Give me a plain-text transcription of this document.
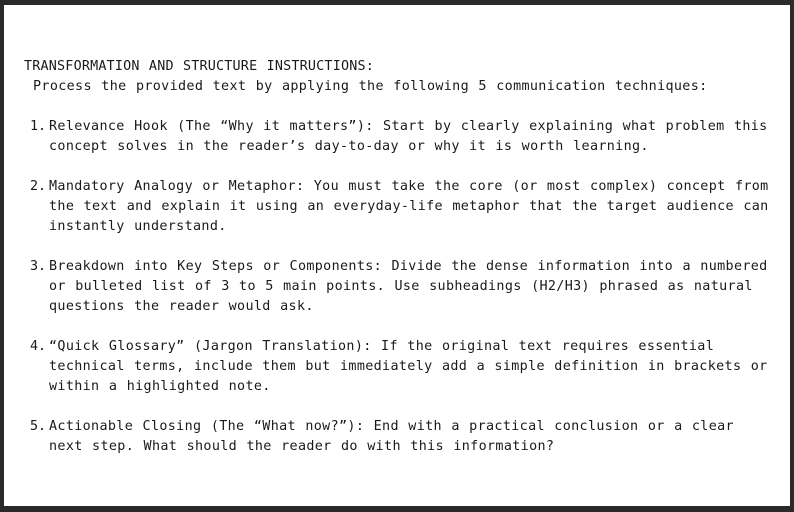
TRANSFORMATION AND STRUCTURE INSTRUCTIONS:

Process the provided text by applying the following 5 communication techniques:

1. Relevance Hook (The “Why it matters”): Start by clearly explaining what problem this concept solves in the reader’s day-to-day or why it is worth learning.
2. Mandatory Analogy or Metaphor: You must take the core (or most complex) concept from the text and explain it using an everyday-life metaphor that the target audience can instantly understand.
3. Breakdown into Key Steps or Components: Divide the dense information into a numbered or bulleted list of 3 to 5 main points. Use subheadings (H2/H3) phrased as natural questions the reader would ask.
4. “Quick Glossary” (Jargon Translation): If the original text requires essential technical terms, include them but immediately add a simple definition in brackets or within a highlighted note.
5. Actionable Closing (The “What now?”): End with a practical conclusion or a clear next step. What should the reader do with this information?
